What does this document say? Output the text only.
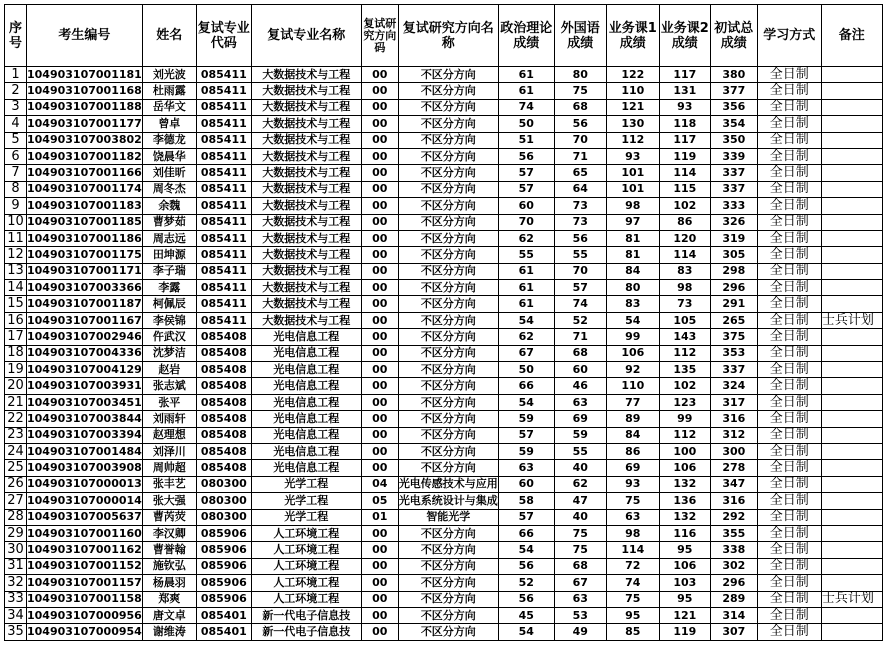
序号	考生编号	姓名	复试专业代码	复试专业名称	复试研究方向码	复试研究方向名称	政治理论成绩	外国语成绩	业务课1成绩	业务课2成绩	初试总成绩	学习方式	备注
1	104903107001181	刘光波	085411	大数据技术与工程	00	不区分方向	61	80	122	117	380	全日制	
2	104903107001168	杜雨露	085411	大数据技术与工程	00	不区分方向	61	75	110	131	377	全日制	
3	104903107001188	岳华文	085411	大数据技术与工程	00	不区分方向	74	68	121	93	356	全日制	
4	104903107001177	曾卓	085411	大数据技术与工程	00	不区分方向	50	56	130	118	354	全日制	
5	104903107003802	李德龙	085411	大数据技术与工程	00	不区分方向	51	70	112	117	350	全日制	
6	104903107001182	饶晨华	085411	大数据技术与工程	00	不区分方向	56	71	93	119	339	全日制	
7	104903107001166	刘佳昕	085411	大数据技术与工程	00	不区分方向	57	65	101	114	337	全日制	
8	104903107001174	周冬杰	085411	大数据技术与工程	00	不区分方向	57	64	101	115	337	全日制	
9	104903107001183	余魏	085411	大数据技术与工程	00	不区分方向	60	73	98	102	333	全日制	
10	104903107001185	曹梦茹	085411	大数据技术与工程	00	不区分方向	70	73	97	86	326	全日制	
11	104903107001186	周志远	085411	大数据技术与工程	00	不区分方向	62	56	81	120	319	全日制	
12	104903107001175	田坤源	085411	大数据技术与工程	00	不区分方向	55	55	81	114	305	全日制	
13	104903107001171	李子瑞	085411	大数据技术与工程	00	不区分方向	61	70	84	83	298	全日制	
14	104903107003366	李露	085411	大数据技术与工程	00	不区分方向	61	57	80	98	296	全日制	
15	104903107001187	柯佩辰	085411	大数据技术与工程	00	不区分方向	61	74	83	73	291	全日制	
16	104903107001167	李侯锦	085411	大数据技术与工程	00	不区分方向	54	52	54	105	265	全日制	士兵计划
17	104903107002946	仵武汉	085408	光电信息工程	00	不区分方向	62	71	99	143	375	全日制	
18	104903107004336	沈梦洁	085408	光电信息工程	00	不区分方向	67	68	106	112	353	全日制	
19	104903107004129	赵岩	085408	光电信息工程	00	不区分方向	50	60	92	135	337	全日制	
20	104903107003931	张志斌	085408	光电信息工程	00	不区分方向	66	46	110	102	324	全日制	
21	104903107003451	张平	085408	光电信息工程	00	不区分方向	54	63	77	123	317	全日制	
22	104903107003844	刘雨轩	085408	光电信息工程	00	不区分方向	59	69	89	99	316	全日制	
23	104903107003394	赵理想	085408	光电信息工程	00	不区分方向	57	59	84	112	312	全日制	
24	104903107001484	刘泽川	085408	光电信息工程	00	不区分方向	59	55	86	100	300	全日制	
25	104903107003908	周帅超	085408	光电信息工程	00	不区分方向	63	40	69	106	278	全日制	
26	104903107000013	张丰艺	080300	光学工程	04	光电传感技术与应用	60	62	93	132	347	全日制	
27	104903107000014	张大强	080300	光学工程	05	光电系统设计与集成	58	47	75	136	316	全日制	
28	104903107005637	曹芮荧	080300	光学工程	01	智能光学	57	40	63	132	292	全日制	
29	104903107001160	李汉卿	085906	人工环境工程	00	不区分方向	66	75	98	116	355	全日制	
30	104903107001162	曹誉翰	085906	人工环境工程	00	不区分方向	54	75	114	95	338	全日制	
31	104903107001152	施钦弘	085906	人工环境工程	00	不区分方向	56	68	72	106	302	全日制	
32	104903107001157	杨晨羽	085906	人工环境工程	00	不区分方向	52	67	74	103	296	全日制	
33	104903107001158	郑爽	085906	人工环境工程	00	不区分方向	56	63	75	95	289	全日制	士兵计划
34	104903107000956	唐文卓	085401	新一代电子信息技	00	不区分方向	45	53	95	121	314	全日制	
35	104903107000954	谢维涛	085401	新一代电子信息技	00	不区分方向	54	49	85	119	307	全日制	
